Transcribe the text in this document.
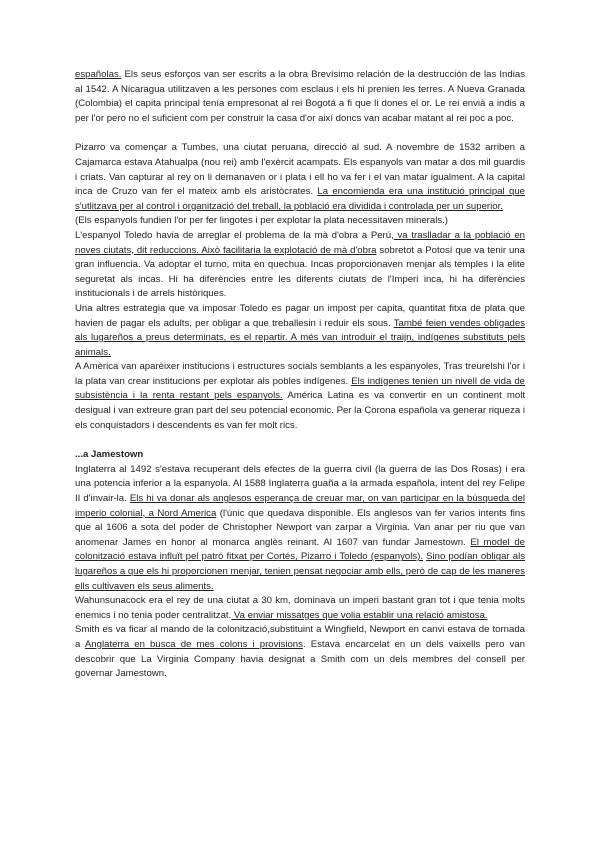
españolas. Els seus esforços van ser escrits a la obra Brevísimo relación de la destrucción de las Indias al 1542. A Nicaragua utilitzaven a les persones com esclaus i els hi prenien les terres. A Nueva Granada (Colombia) el capita principal tenía empresonat al rei Bogotá a fi que li dones el or. Le rei envià a indis a per l'or pero no el suficient com per construir la casa d'or així doncs van acabar matant al rei poc a poc.

Pizarro va començar a Tumbes, una ciutat peruana, direcció al sud. A novembre de 1532 arriben a Cajamarca estava Atahualpa (nou rei) amb l'exèrcit acampats. Els espanyols van matar a dos mil guardis i criats. Van capturar al rey on li demanaven or i plata i ell ho va fer i el van matar igualment. A la capital inca de Cruzo van fer el mateix amb els aristòcrates. La encomienda era una institució principal que s'utlitzava per al control i organització del treball, la població era dividida i controlada per un superior.

(Els espanyols fundien l'or per fer lingotes i per explotar la plata necessitaven minerals.)

L'espanyol Toledo havia de arreglar el problema de la mà d'obra a Perú, va traslladar a la població en noves ciutats, dit reduccions. Això facilitaria la explotació de mà d'obra sobretot a Potosí que va tenir una gran influencia. Va adoptar el turno, mita en quechua. Incas proporcionaven menjar als temples i la elite seguretat als incas. Hi ha diferències entre les diferents ciutats de l'Imperi inca, hi ha diferències institucionals i de arrels històriques.

Una altres estrategia que va imposar Toledo es pagar un impost per capita, quantitat fitxa de plata que havien de pagar els adults, per obligar a que treballesin i reduir els sous. També feien vendes obligades als lugareños a preus determinats, es el repartir. A més van introduir el traijn, indígenes substituts pels animals.

A Amèrica van aparèixer institucions i estructures socials semblants a les espanyoles, Tras treurelshi l'or i la plata van crear institucions per explotar als pobles indígenes. Els indígenes tenien un nivell de vida de subsistència i la renta restant pels espanyols. América Latina es va convertir en un continent molt desigual i van extreure gran part del seu potencial economic. Per la Corona española va generar riqueza i els conquistadors i descendents es van fer molt rics.

...a Jamestown

Inglaterra al 1492 s'estava recuperant dels efectes de la guerra civil (la guerra de las Dos Rosas) i era una potencia inferior a la espanyola. Al 1588 Inglaterra guaña a la armada española, intent del rey Felipe II d'invair-la. Els hi va donar als anglesos esperança de creuar mar, on van participar en la búsqueda del imperio colonial, a Nord America (l'únic que quedava disponible. Els anglesos van fer varios intents fins que al 1606 a sota del poder de Christopher Newport van zarpar a Virginia. Van anar per riu que van anomenar James en honor al monarca anglès reinant. Al 1607 van fundar Jamestown. El model de colonització estava influït pel patró fitxat per Cortés, Pizarro i Toledo (espanyols). Sino podían obligar als lugareños a que els hi proporcionen menjar, tenien pensat negociar amb ells, però de cap de les maneres ells cultivaven els seus aliments.

Wahunsunacock era el rey de una ciutat a 30 km, dominava un imperi bastant gran tot i que tenia molts enemics i no tenia poder centralitzat. Va enviar missatges que volia establir una relació amistosa.

Smith es va ficar al mando de la colonització,substituint a Wingfield, Newport en canvi estava de tornada a Anglaterra en busca de mes colons i provisions. Estava encarcelat en un dels vaixells pero van descobrir que La Virginia Company havia designat a Smith com un dels membres del consell per governar Jamestown.
